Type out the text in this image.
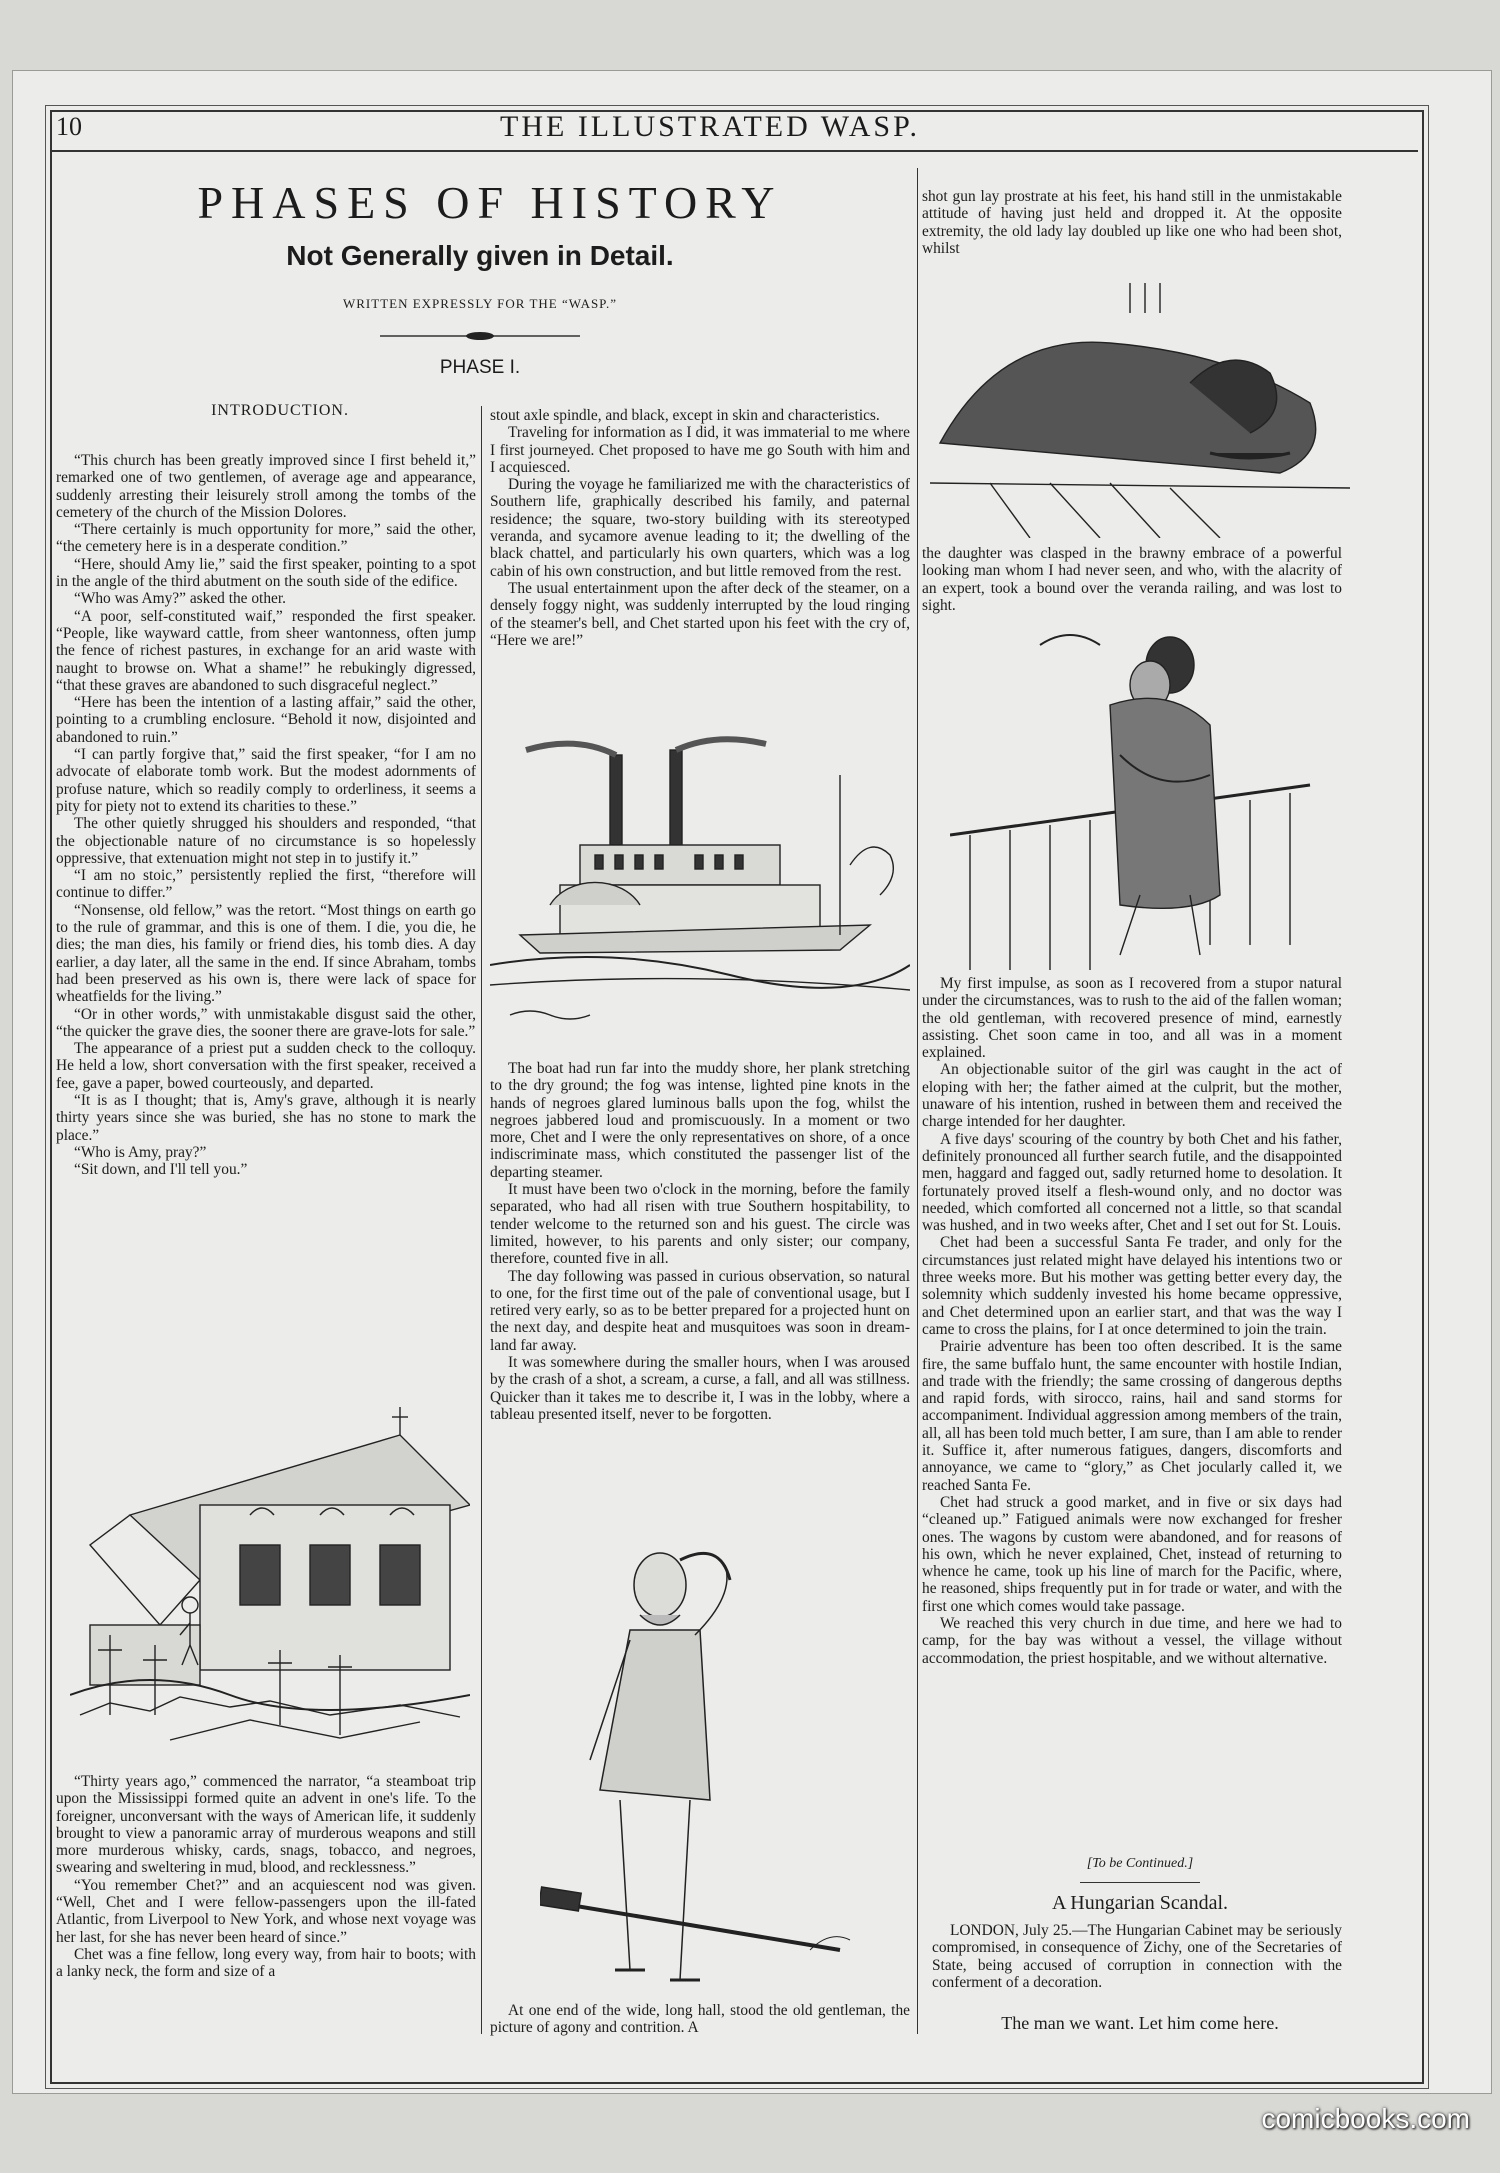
10	THE ILLUSTRATED WASP.
PHASES OF HISTORY
Not Generally given in Detail.
WRITTEN EXPRESSLY FOR THE “WASP.”
PHASE I.
INTRODUCTION.

“This church has been greatly improved since I first beheld it,” remarked one of two gentlemen, of average age and appearance, suddenly arresting their leisurely stroll among the tombs of the cemetery of the church of the Mission Dolores.

“There certainly is much opportunity for more,” said the other, “the cemetery here is in a desperate condition.”

“Here, should Amy lie,” said the first speaker, pointing to a spot in the angle of the third abutment on the south side of the edifice.

“Who was Amy?” asked the other.

“A poor, self-constituted waif,” responded the first speaker. “People, like wayward cattle, from sheer wantonness, often jump the fence of richest pastures, in exchange for an arid waste with naught to browse on. What a shame!” he rebukingly digressed, “that these graves are abandoned to such disgraceful neglect.”

“Here has been the intention of a lasting affair,” said the other, pointing to a crumbling enclosure. “Behold it now, disjointed and abandoned to ruin.”

“I can partly forgive that,” said the first speaker, “for I am no advocate of elaborate tomb work. But the modest adornments of profuse nature, which so readily comply to orderliness, it seems a pity for piety not to extend its charities to these.”

The other quietly shrugged his shoulders and responded, “that the objectionable nature of no circumstance is so hopelessly oppressive, that extenuation might not step in to justify it.”

“I am no stoic,” persistently replied the first, “therefore will continue to differ.”

“Nonsense, old fellow,” was the retort. “Most things on earth go to the rule of grammar, and this is one of them. I die, you die, he dies; the man dies, his family or friend dies, his tomb dies. A day earlier, a day later, all the same in the end. If since Abraham, tombs had been preserved as his own is, there were lack of space for wheatfields for the living.”

“Or in other words,” with unmistakable disgust said the other, “the quicker the grave dies, the sooner there are grave-lots for sale.”

The appearance of a priest put a sudden check to the colloquy. He held a low, short conversation with the first speaker, received a fee, gave a paper, bowed courteously, and departed.

“It is as I thought; that is, Amy's grave, although it is nearly thirty years since she was buried, she has no stone to mark the place.”

“Who is Amy, pray?”

“Sit down, and I'll tell you.”

“Thirty years ago,” commenced the narrator, “a steamboat trip upon the Mississippi formed quite an advent in one's life. To the foreigner, unconversant with the ways of American life, it suddenly brought to view a panoramic array of murderous weapons and still more murderous whisky, cards, snags, tobacco, and negroes, swearing and sweltering in mud, blood, and recklessness.”

“You remember Chet?” and an acquiescent nod was given. “Well, Chet and I were fellow-passengers upon the ill-fated Atlantic, from Liverpool to New York, and whose next voyage was her last, for she has never been heard of since.”

Chet was a fine fellow, long every way, from hair to boots; with a lanky neck, the form and size of a

stout axle spindle, and black, except in skin and characteristics.

Traveling for information as I did, it was immaterial to me where I first journeyed. Chet proposed to have me go South with him and I acquiesced.

During the voyage he familiarized me with the characteristics of Southern life, graphically described his family, and paternal residence; the square, two-story building with its stereotyped veranda, and sycamore avenue leading to it; the dwelling of the black chattel, and particularly his own quarters, which was a log cabin of his own construction, and but little removed from the rest.

The usual entertainment upon the after deck of the steamer, on a densely foggy night, was suddenly interrupted by the loud ringing of the steamer's bell, and Chet started upon his feet with the cry of, “Here we are!”

The boat had run far into the muddy shore, her plank stretching to the dry ground; the fog was intense, lighted pine knots in the hands of negroes glared luminous balls upon the fog, whilst the negroes jabbered loud and promiscuously. In a moment or two more, Chet and I were the only representatives on shore, of a once indiscriminate mass, which constituted the passenger list of the departing steamer.

It must have been two o'clock in the morning, before the family separated, who had all risen with true Southern hospitability, to tender welcome to the returned son and his guest. The circle was limited, however, to his parents and only sister; our company, therefore, counted five in all.

The day following was passed in curious observation, so natural to one, for the first time out of the pale of conventional usage, but I retired very early, so as to be better prepared for a projected hunt on the next day, and despite heat and musquitoes was soon in dream-land far away.

It was somewhere during the smaller hours, when I was aroused by the crash of a shot, a scream, a curse, a fall, and all was stillness. Quicker than it takes me to describe it, I was in the lobby, where a tableau presented itself, never to be forgotten.

At one end of the wide, long hall, stood the old gentleman, the picture of agony and contrition. A

shot gun lay prostrate at his feet, his hand still in the unmistakable attitude of having just held and dropped it. At the opposite extremity, the old lady lay doubled up like one who had been shot, whilst

the daughter was clasped in the brawny embrace of a powerful looking man whom I had never seen, and who, with the alacrity of an expert, took a bound over the veranda railing, and was lost to sight.

My first impulse, as soon as I recovered from a stupor natural under the circumstances, was to rush to the aid of the fallen woman; the old gentleman, with recovered presence of mind, earnestly assisting. Chet soon came in too, and all was in a moment explained.

An objectionable suitor of the girl was caught in the act of eloping with her; the father aimed at the culprit, but the mother, unaware of his intention, rushed in between them and received the charge intended for her daughter.

A five days' scouring of the country by both Chet and his father, definitely pronounced all further search futile, and the disappointed men, haggard and fagged out, sadly returned home to desolation. It fortunately proved itself a flesh-wound only, and no doctor was needed, which comforted all concerned not a little, so that scandal was hushed, and in two weeks after, Chet and I set out for St. Louis.

Chet had been a successful Santa Fe trader, and only for the circumstances just related might have delayed his intentions two or three weeks more. But his mother was getting better every day, the solemnity which suddenly invested his home became oppressive, and Chet determined upon an earlier start, and that was the way I came to cross the plains, for I at once determined to join the train.

Prairie adventure has been too often described. It is the same fire, the same buffalo hunt, the same encounter with hostile Indian, and trade with the friendly; the same crossing of dangerous depths and rapid fords, with sirocco, rains, hail and sand storms for accompaniment. Individual aggression among members of the train, all, all has been told much better, I am sure, than I am able to render it. Suffice it, after numerous fatigues, dangers, discomforts and annoyance, we came to “glory,” as Chet jocularly called it, we reached Santa Fe.

Chet had struck a good market, and in five or six days had “cleaned up.” Fatigued animals were now exchanged for fresher ones. The wagons by custom were abandoned, and for reasons of his own, which he never explained, Chet, instead of returning to whence he came, took up his line of march for the Pacific, where, he reasoned, ships frequently put in for trade or water, and with the first one which comes would take passage.

We reached this very church in due time, and here we had to camp, for the bay was without a vessel, the village without accommodation, the priest hospitable, and we without alternative.

[To be Continued.]
A Hungarian Scandal.

LONDON, July 25.—The Hungarian Cabinet may be seriously compromised, in consequence of Zichy, one of the Secretaries of State, being accused of corruption in connection with the conferment of a decoration.

The man we want. Let him come here.
comicbooks.com
